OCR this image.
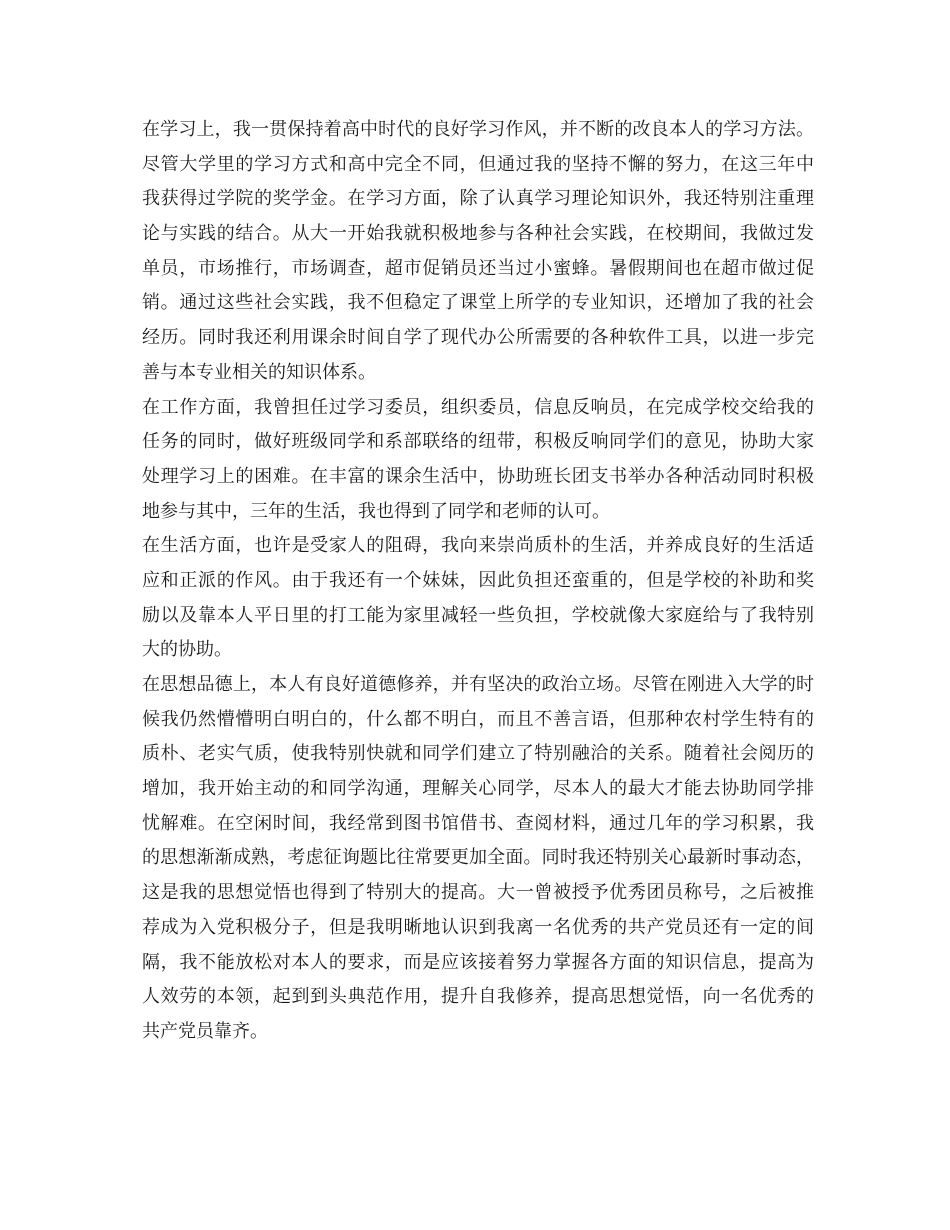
在学习上，我一贯保持着高中时代的良好学习作风，并不断的改良本人的学习方法。
尽管大学里的学习方式和高中完全不同，但通过我的坚持不懈的努力，在这三年中
我获得过学院的奖学金。在学习方面，除了认真学习理论知识外，我还特别注重理
论与实践的结合。从大一开始我就积极地参与各种社会实践，在校期间，我做过发
单员，市场推行，市场调查，超市促销员还当过小蜜蜂。暑假期间也在超市做过促
销。通过这些社会实践，我不但稳定了课堂上所学的专业知识，还增加了我的社会
经历。同时我还利用课余时间自学了现代办公所需要的各种软件工具，以进一步完
善与本专业相关的知识体系。
在工作方面，我曾担任过学习委员，组织委员，信息反响员，在完成学校交给我的
任务的同时，做好班级同学和系部联络的纽带，积极反响同学们的意见，协助大家
处理学习上的困难。在丰富的课余生活中，协助班长团支书举办各种活动同时积极
地参与其中，三年的生活，我也得到了同学和老师的认可。
在生活方面，也许是受家人的阻碍，我向来崇尚质朴的生活，并养成良好的生活适
应和正派的作风。由于我还有一个妹妹，因此负担还蛮重的，但是学校的补助和奖
励以及靠本人平日里的打工能为家里减轻一些负担，学校就像大家庭给与了我特别
大的协助。
在思想品德上，本人有良好道德修养，并有坚决的政治立场。尽管在刚进入大学的时
候我仍然懵懵明白明白的，什么都不明白，而且不善言语，但那种农村学生特有的
质朴、老实气质，使我特别快就和同学们建立了特别融洽的关系。随着社会阅历的
增加，我开始主动的和同学沟通，理解关心同学，尽本人的最大才能去协助同学排
忧解难。在空闲时间，我经常到图书馆借书、查阅材料，通过几年的学习积累，我
的思想渐渐成熟，考虑征询题比往常要更加全面。同时我还特别关心最新时事动态，
这是我的思想觉悟也得到了特别大的提高。大一曾被授予优秀团员称号，之后被推
荐成为入党积极分子，但是我明晰地认识到我离一名优秀的共产党员还有一定的间
隔，我不能放松对本人的要求，而是应该接着努力掌握各方面的知识信息，提高为
人效劳的本领，起到到头典范作用，提升自我修养，提高思想觉悟，向一名优秀的
共产党员靠齐。
